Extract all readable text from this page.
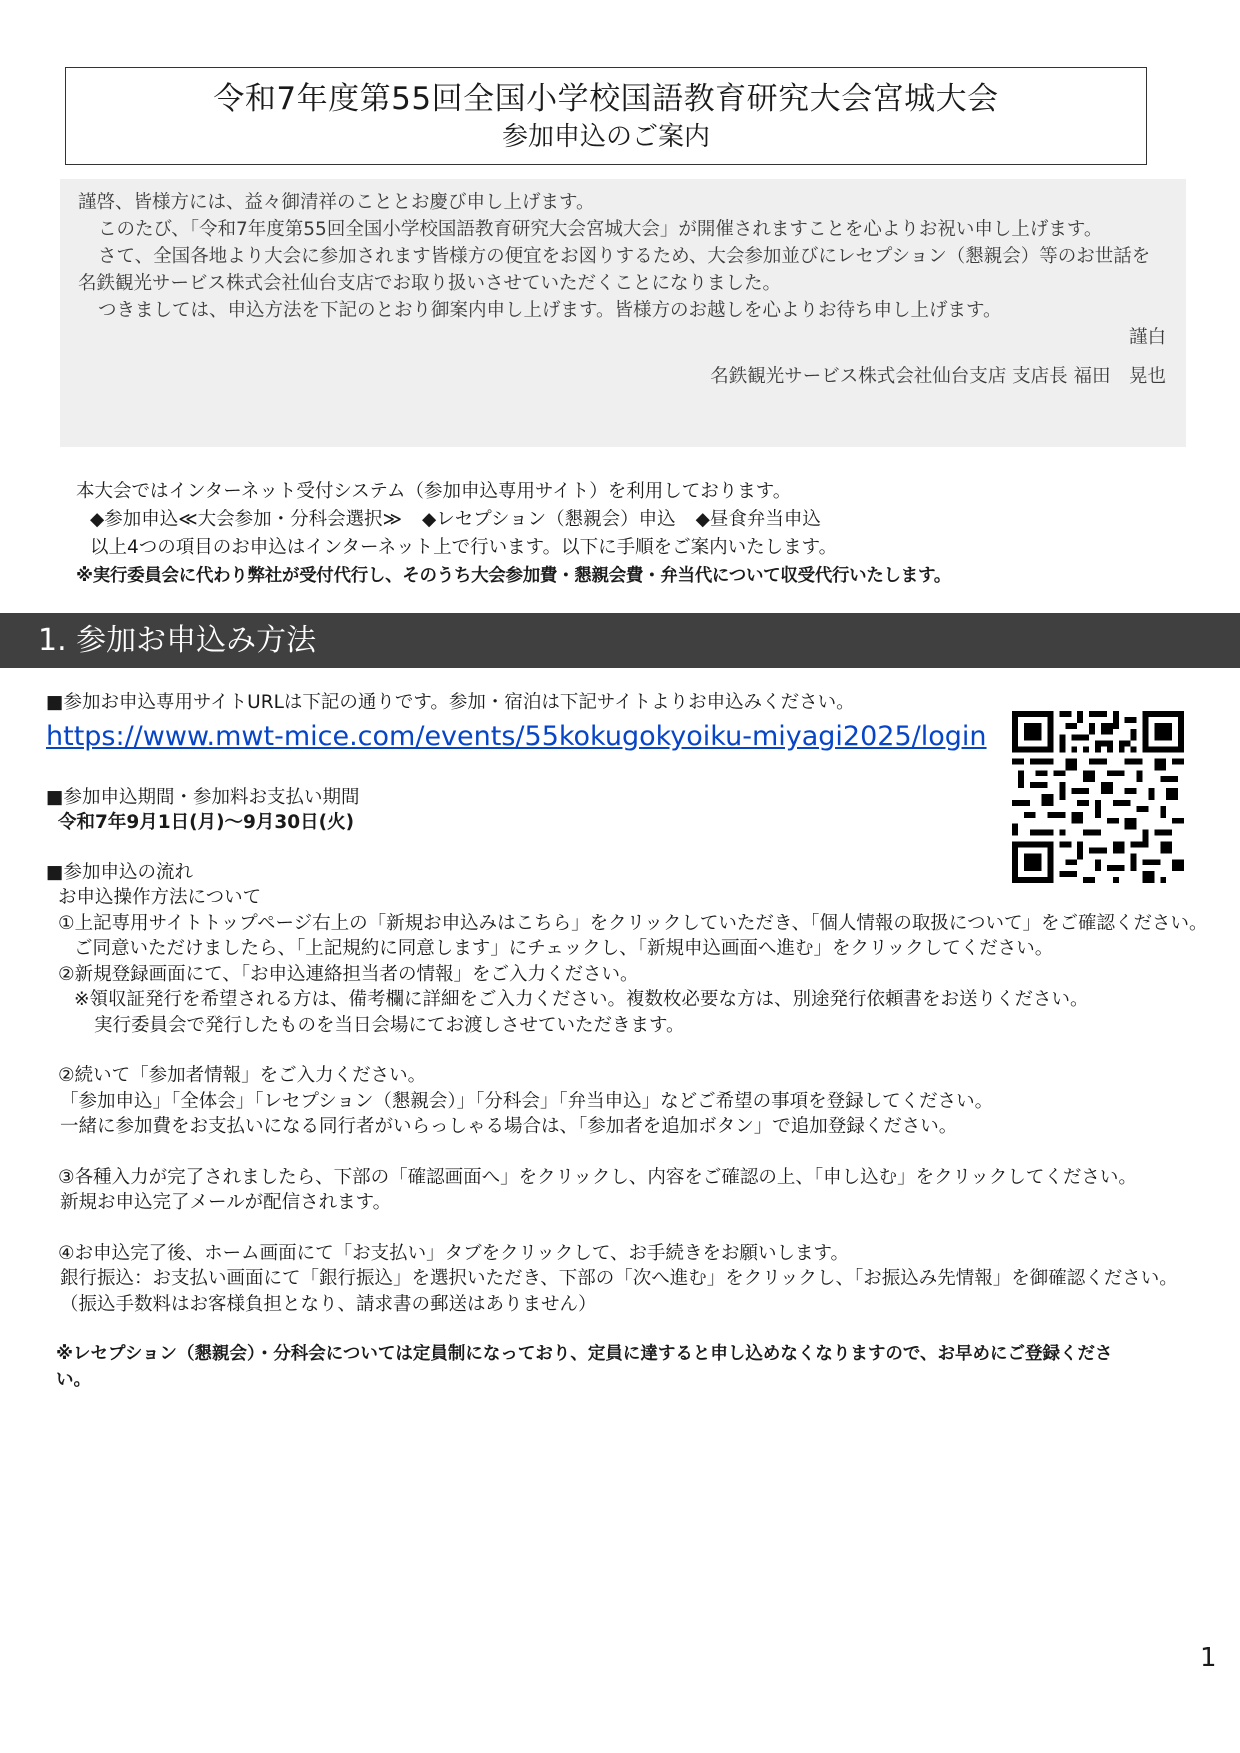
令和7年度第55回全国小学校国語教育研究大会宮城大会
参加申込のご案内

謹啓、皆様方には、益々御清祥のこととお慶び申し上げます。

このたび、「令和7年度第55回全国小学校国語教育研究大会宮城大会」が開催されますことを心よりお祝い申し上げます。

さて、全国各地より大会に参加されます皆様方の便宜をお図りするため、大会参加並びにレセプション（懇親会）等のお世話を名鉄観光サービス株式会社仙台支店でお取り扱いさせていただくことになりました。

つきましては、申込方法を下記のとおり御案内申し上げます。皆様方のお越しを心よりお待ち申し上げます。

謹白

名鉄観光サービス株式会社仙台支店 支店長 福田　晃也

本大会ではインターネット受付システム（参加申込専用サイト）を利用しております。

◆参加申込≪大会参加・分科会選択≫ ◆レセプション（懇親会）申込 ◆昼食弁当申込

以上4つの項目のお申込はインターネット上で行います。以下に手順をご案内いたします。

※実行委員会に代わり弊社が受付代行し、そのうち大会参加費・懇親会費・弁当代について収受代行いたします。

1. 参加お申込み方法

■参加お申込専用サイトURLは下記の通りです。参加・宿泊は下記サイトよりお申込みください。

https://www.mwt-mice.com/events/55kokugokyoiku-miyagi2025/login

■参加申込期間・参加料お支払い期間

令和7年9月1日(月)～9月30日(火)

■参加申込の流れ

お申込操作方法について

①上記専用サイトトップページ右上の「新規お申込みはこちら」をクリックしていただき、「個人情報の取扱について」をご確認ください。

ご同意いただけましたら、「上記規約に同意します」にチェックし、「新規申込画面へ進む」をクリックしてください。

②新規登録画面にて、「お申込連絡担当者の情報」をご入力ください。

※領収証発行を希望される方は、備考欄に詳細をご入力ください。複数枚必要な方は、別途発行依頼書をお送りください。

実行委員会で発行したものを当日会場にてお渡しさせていただきます。

②続いて「参加者情報」をご入力ください。

「参加申込」「全体会」「レセプション（懇親会）」「分科会」「弁当申込」などご希望の事項を登録してください。

一緒に参加費をお支払いになる同行者がいらっしゃる場合は、「参加者を追加ボタン」で追加登録ください。

③各種入力が完了されましたら、下部の「確認画面へ」をクリックし、内容をご確認の上、「申し込む」をクリックしてください。

新規お申込完了メールが配信されます。

④お申込完了後、ホーム画面にて「お支払い」タブをクリックして、お手続きをお願いします。

銀行振込：お支払い画面にて「銀行振込」を選択いただき、下部の「次へ進む」をクリックし、「お振込み先情報」を御確認ください。

（振込手数料はお客様負担となり、請求書の郵送はありません）

※レセプション（懇親会）・分科会については定員制になっており、定員に達すると申し込めなくなりますので、お早めにご登録ください。

1
